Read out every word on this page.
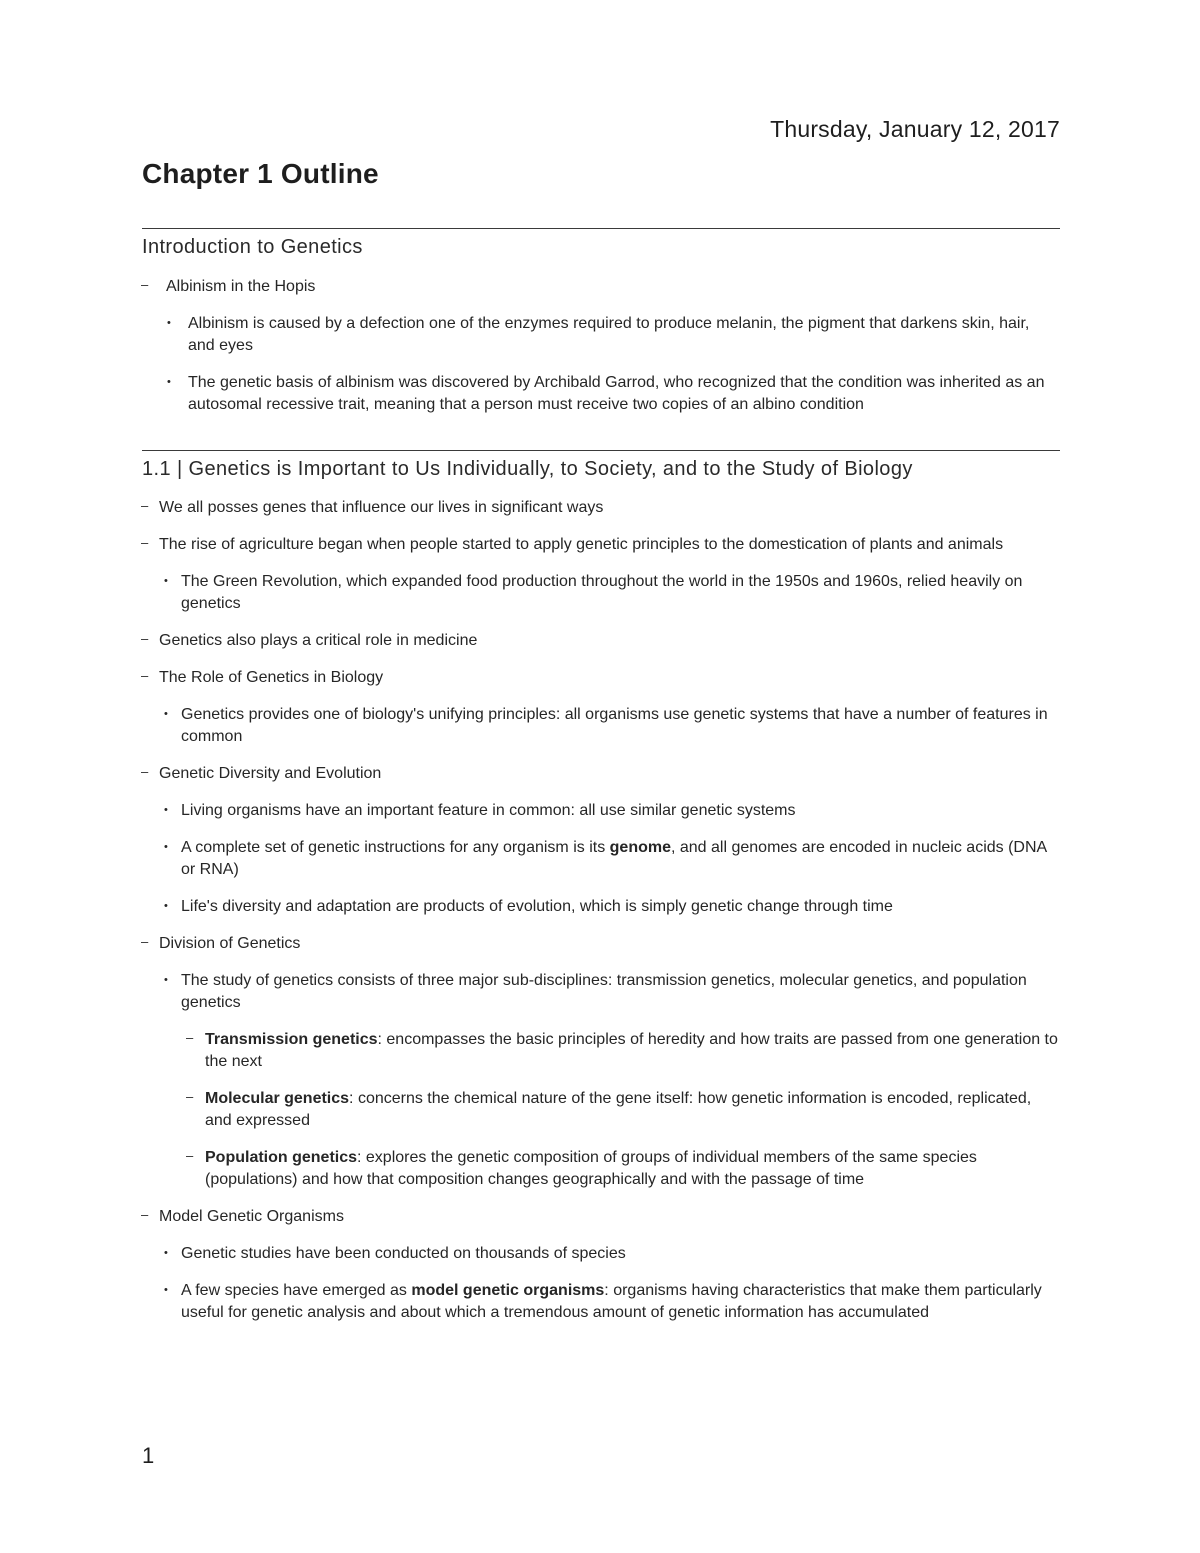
Thursday, January 12, 2017
Chapter 1 Outline
Introduction to Genetics
– Albinism in the Hopis
• Albinism is caused by a defection one of the enzymes required to produce melanin, the pigment that darkens skin, hair, and eyes
• The genetic basis of albinism was discovered by Archibald Garrod, who recognized that the condition was inherited as an autosomal recessive trait, meaning that a person must receive two copies of an albino condition
1.1 | Genetics is Important to Us Individually, to Society, and to the Study of Biology
– We all posses genes that influence our lives in significant ways
– The rise of agriculture began when people started to apply genetic principles to the domestication of plants and animals
• The Green Revolution, which expanded food production throughout the world in the 1950s and 1960s, relied heavily on genetics
– Genetics also plays a critical role in medicine
– The Role of Genetics in Biology
• Genetics provides one of biology's unifying principles: all organisms use genetic systems that have a number of features in common
– Genetic Diversity and Evolution
• Living organisms have an important feature in common: all use similar genetic systems
• A complete set of genetic instructions for any organism is its genome, and all genomes are encoded in nucleic acids (DNA or RNA)
• Life's diversity and adaptation are products of evolution, which is simply genetic change through time
– Division of Genetics
• The study of genetics consists of three major sub-disciplines: transmission genetics, molecular genetics, and population genetics
– Transmission genetics: encompasses the basic principles of heredity and how traits are passed from one generation to the next
– Molecular genetics: concerns the chemical nature of the gene itself: how genetic information is encoded, replicated, and expressed
– Population genetics: explores the genetic composition of groups of individual members of the same species (populations) and how that composition changes geographically and with the passage of time
– Model Genetic Organisms
• Genetic studies have been conducted on thousands of species
• A few species have emerged as model genetic organisms: organisms having characteristics that make them particularly useful for genetic analysis and about which a tremendous amount of genetic information has accumulated
1
